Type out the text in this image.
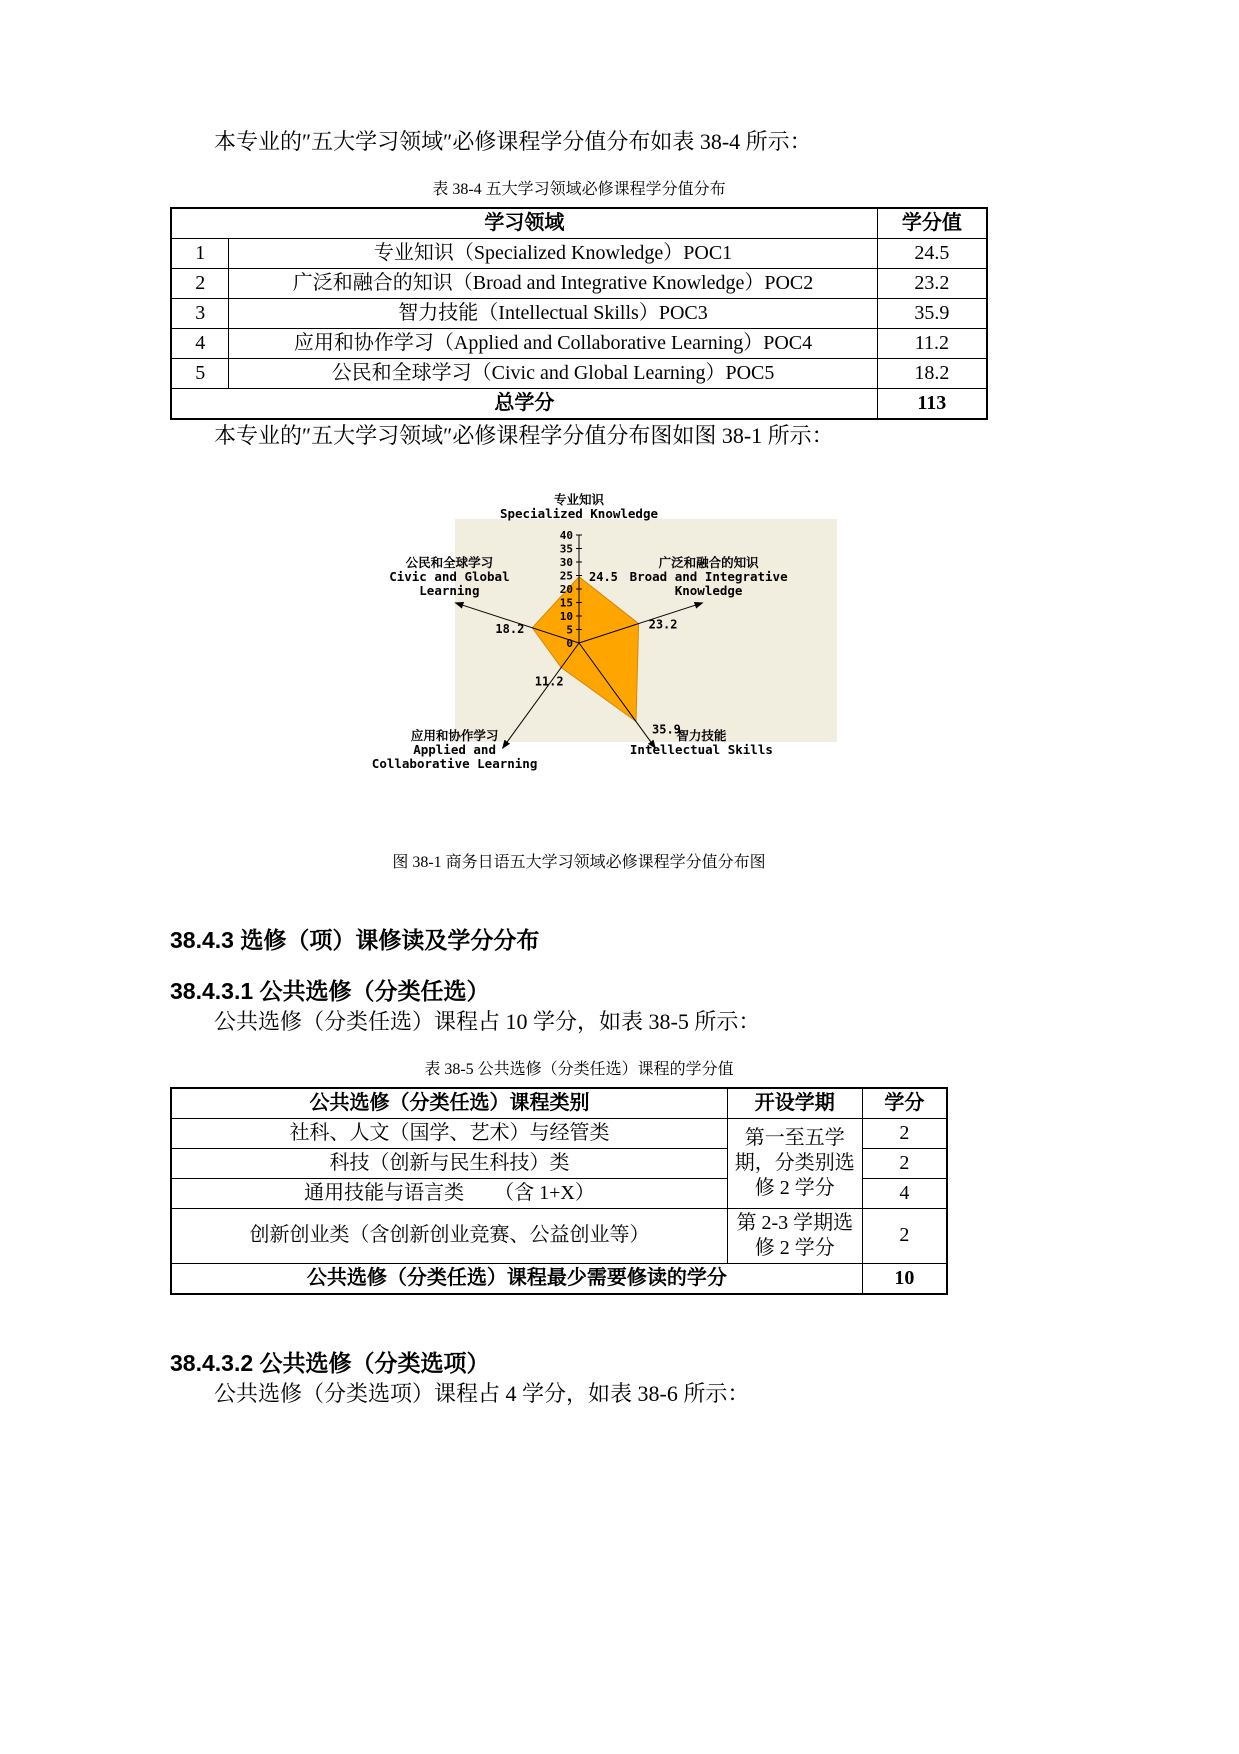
本专业的″五大学习领域″必修课程学分值分布如表 38-4 所示：

表 38-4 五大学习领域必修课程学分值分布
学习领域		学分值
1	专业知识（Specialized Knowledge）POC1	24.5
2	广泛和融合的知识（Broad and Integrative Knowledge）POC2	23.2
3	智力技能（Intellectual Skills）POC3	35.9
4	应用和协作学习（Applied and Collaborative Learning）POC4	11.2
5	公民和全球学习（Civic and Global Learning）POC5	18.2
总学分		113

本专业的″五大学习领域″必修课程学分值分布图如图 38-1 所示：

0
5
10
15
20
25
30
35
40
24.5
23.2
35.9
11.2
18.2
专业知识
Specialized Knowledge
广泛和融合的知识
Broad and Integrative
Knowledge
智力技能
Intellectual Skills
应用和协作学习
Applied and
Collaborative Learning
公民和全球学习
Civic and Global
Learning
图 38-1 商务日语五大学习领域必修课程学分值分布图
38.4.3 选修（项）课修读及学分分布
38.4.3.1 公共选修（分类任选）

公共选修（分类任选）课程占 10 学分，如表 38-5 所示：

表 38-5 公共选修（分类任选）课程的学分值
公共选修（分类任选）课程类别	开设学期	学分
社科、人文（国学、艺术）与经管类	第一至五学期，分类别选修 2 学分	2
科技（创新与民生科技）类		2
通用技能与语言类　　（含 1+X）		4
创新创业类（含创新创业竞赛、公益创业等）	第 2-3 学期选修 2 学分	2
公共选修（分类任选）课程最少需要修读的学分		10
38.4.3.2 公共选修（分类选项）

公共选修（分类选项）课程占 4 学分，如表 38-6 所示：
